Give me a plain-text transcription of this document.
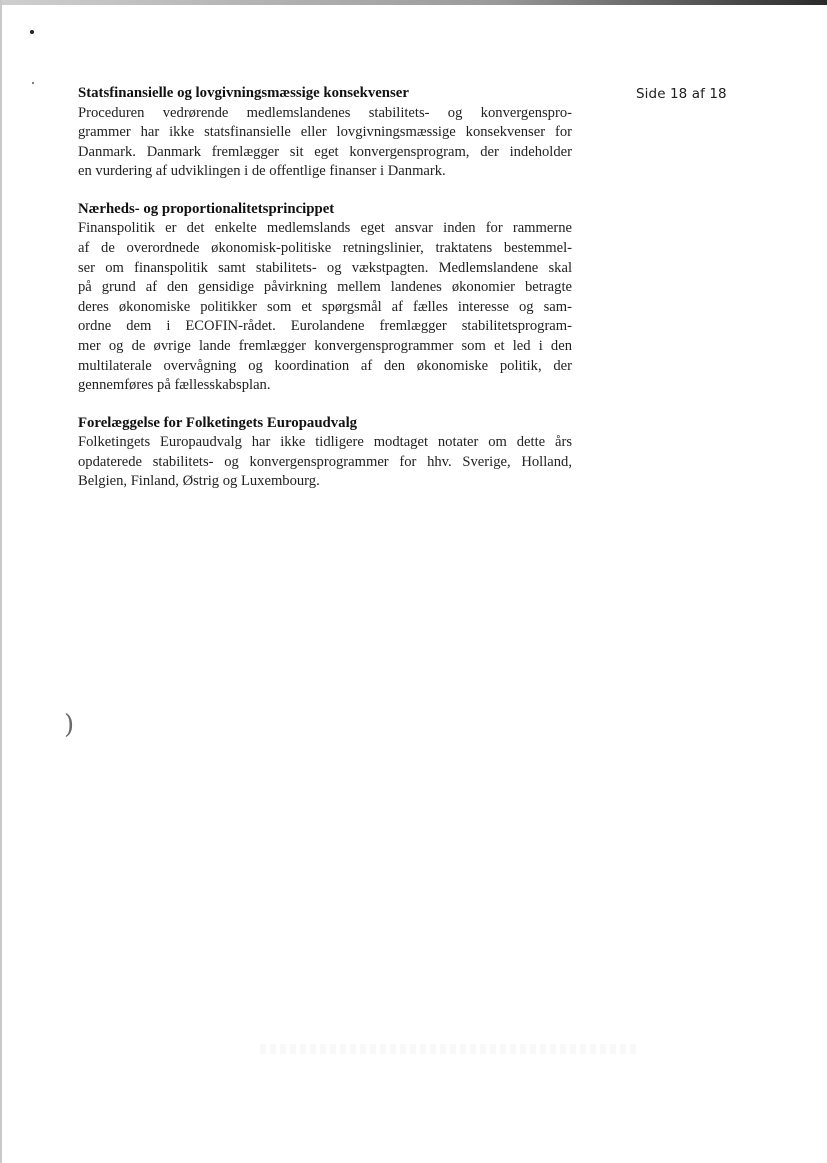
)
Side 18 af 18
Statsfinansielle og lovgivningsmæssige konsekvenser

Proceduren vedrørende medlemslandenes stabilitets- og konvergenspro-
grammer har ikke statsfinansielle eller lovgivningsmæssige konsekvenser for
Danmark. Danmark fremlægger sit eget konvergensprogram, der indeholder
en vurdering af udviklingen i de offentlige finanser i Danmark.

Nærheds- og proportionalitetsprincippet

Finanspolitik er det enkelte medlemslands eget ansvar inden for rammerne
af de overordnede økonomisk-politiske retningslinier, traktatens bestemmel-
ser om finanspolitik samt stabilitets- og vækstpagten. Medlemslandene skal
på grund af den gensidige påvirkning mellem landenes økonomier betragte
deres økonomiske politikker som et spørgsmål af fælles interesse og sam-
ordne dem i ECOFIN-rådet. Eurolandene fremlægger stabilitetsprogram-
mer og de øvrige lande fremlægger konvergensprogrammer som et led i den
multilaterale overvågning og koordination af den økonomiske politik, der
gennemføres på fællesskabsplan.

Forelæggelse for Folketingets Europaudvalg

Folketingets Europaudvalg har ikke tidligere modtaget notater om dette års
opdaterede stabilitets- og konvergensprogrammer for hhv. Sverige, Holland,
Belgien, Finland, Østrig og Luxembourg.
